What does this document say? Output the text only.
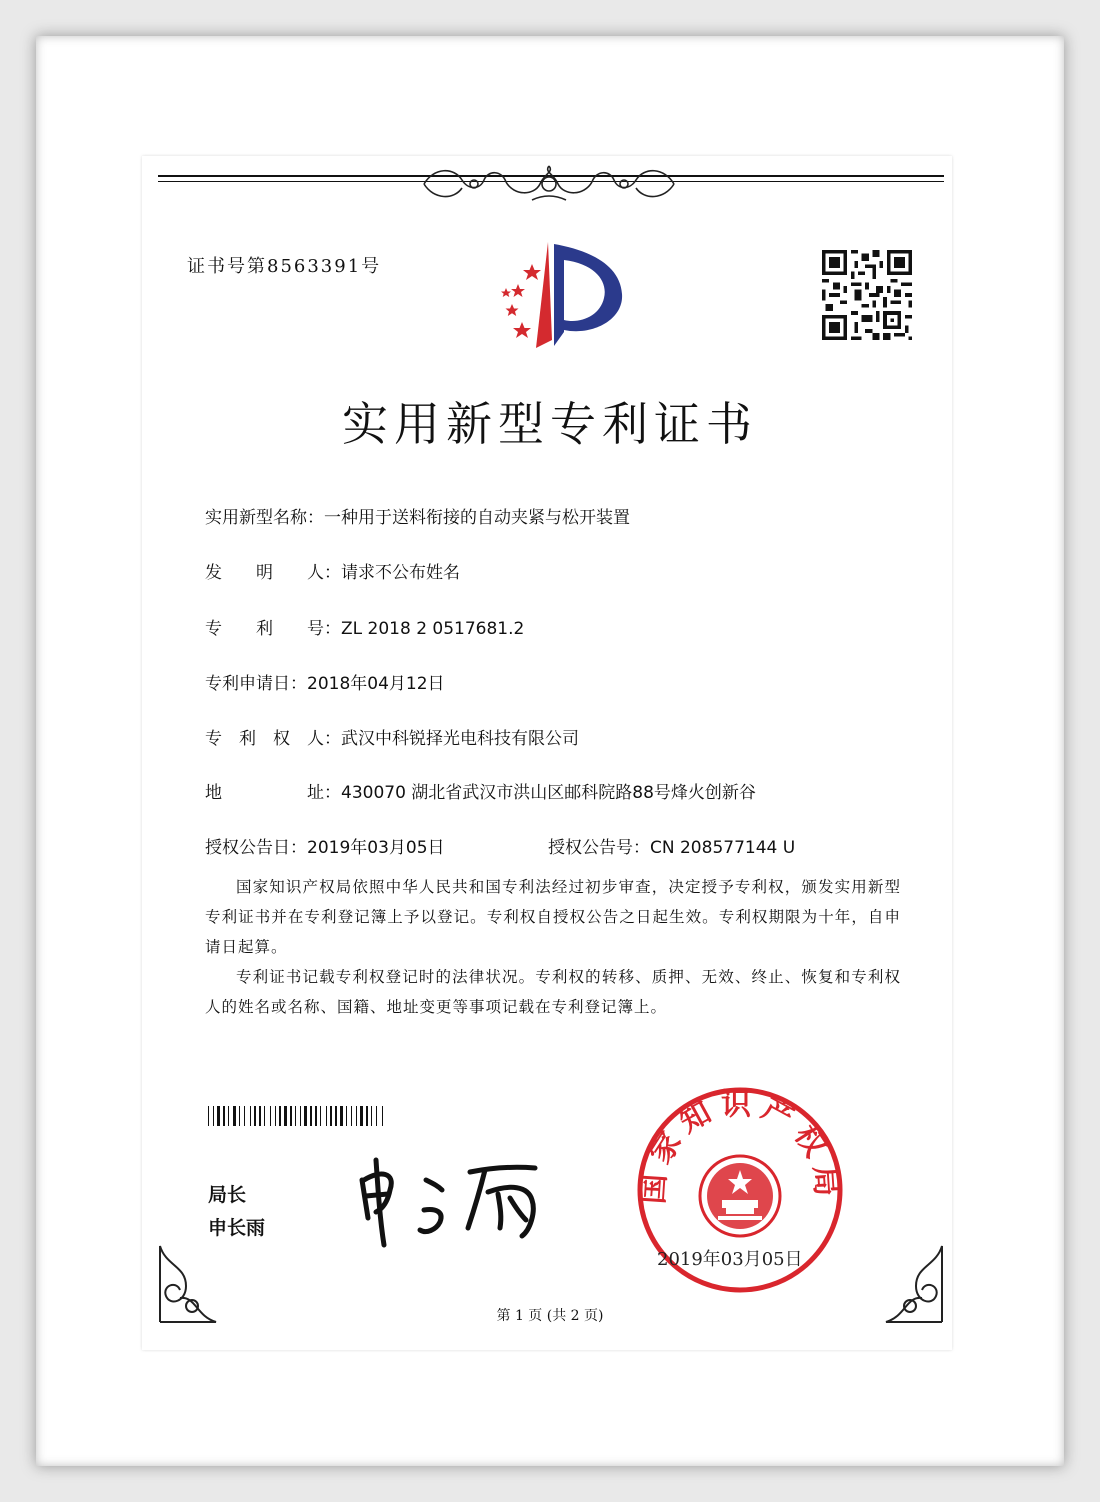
证书号第8563391号
实用新型专利证书
实用新型名称：一种用于送料衔接的自动夹紧与松开装置
发　　明　　人：请求不公布姓名
专　　利　　号：ZL 2018 2 0517681.2
专利申请日：2018年04月12日
专　利　权　人：武汉中科锐择光电科技有限公司
地　　　　　址：430070 湖北省武汉市洪山区邮科院路88号烽火创新谷
授权公告日：2019年03月05日	授权公告号：CN 208577144 U
国家知识产权局依照中华人民共和国专利法经过初步审查，决定授予专利权，颁发实用新型专利证书并在专利登记簿上予以登记。专利权自授权公告之日起生效。专利权期限为十年，自申请日起算。
专利证书记载专利权登记时的法律状况。专利权的转移、质押、无效、终止、恢复和专利权人的姓名或名称、国籍、地址变更等事项记载在专利登记簿上。
局长
申长雨
国家知识产权局
2019年03月05日
第 1 页 (共 2 页)
